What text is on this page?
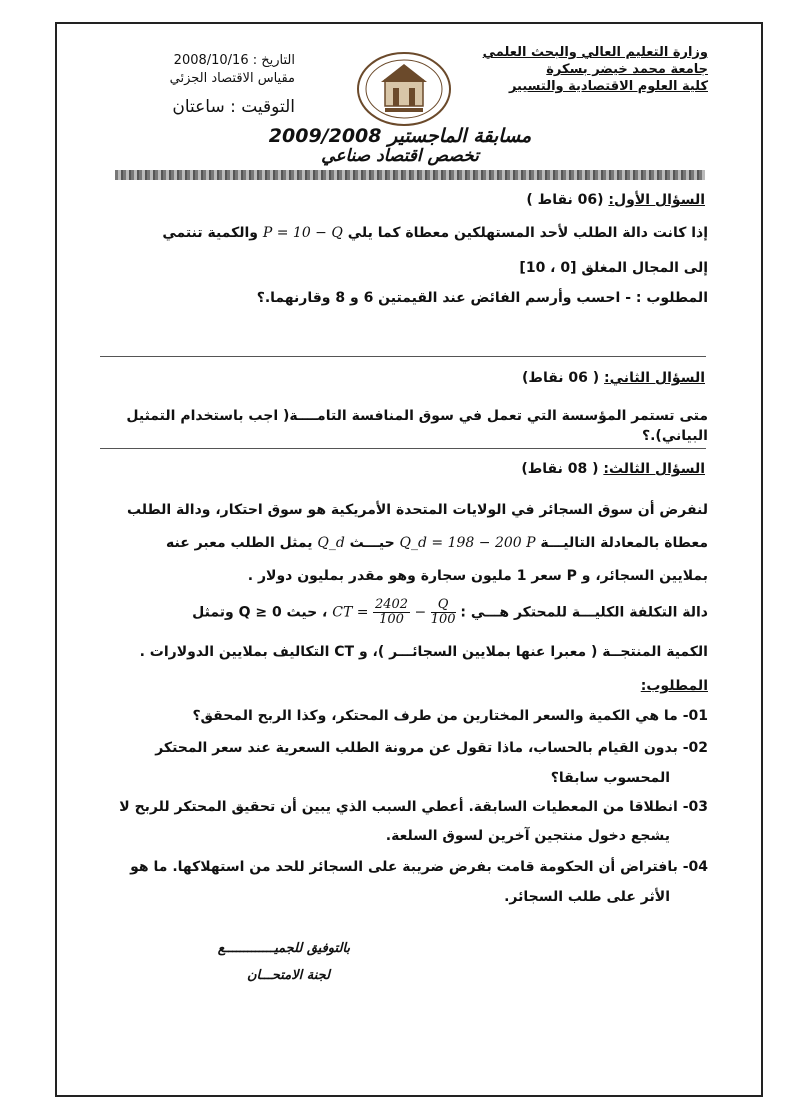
وزارة التعليم العالي والبحث العلمي
جامعة محمد خيضر بسكرة
كلية العلوم الاقتصادية والتسيير
التاريخ : 2008/10/16
مقياس الاقتصاد الجزئي
التوقيت : ساعتان
مسابقة الماجستير 2009/2008
تخصص اقتصاد صناعي
السؤال الأول: (06 نقاط )
إذا كانت دالة الطلب لأحد المستهلكين معطاة كما يلي P = 10 − Q والكمية تنتمي
إلى المجال المغلق [0 ، 10]
المطلوب : - احسب وأرسم الفائض عند القيمتين 6 و 8 وقارنهما.؟
السؤال الثاني: ( 06 نقاط)
متى تستمر المؤسسة التي تعمل في سوق المنافسة التامــــة( اجب باستخدام التمثيل البياني).؟
السؤال الثالث: ( 08 نقاط)
لنفرض أن سوق السجائر في الولايات المتحدة الأمريكية هو سوق احتكار، ودالة الطلب
معطاة بالمعادلة التاليـــة Q_d = 198 − 200 P حيـــث Q_d يمثل الطلب معبر عنه
بملايين السجائر، و P سعر 1 مليون سجارة وهو مقدر بمليون دولار .
دالة التكلفة الكليـــة للمحتكر هـــي : CT = $\frac{2402}{100} - \frac{Q}{100}$
، حيث Q ≥ 0 وتمثل
الكمية المنتجــة ( معبرا عنها بملايين السجائـــر )، و CT التكاليف بملايين الدولارات .
المطلوب:
01- ما هي الكمية والسعر المختارين من طرف المحتكر، وكذا الربح المحقق؟
02- بدون القيام بالحساب، ماذا تقول عن مرونة الطلب السعرية عند سعر المحتكر
المحسوب سابقا؟
03- انطلاقا من المعطيات السابقة. أعطي السبب الذي يبين أن تحقيق المحتكر للربح لا
يشجع دخول منتجين آخرين لسوق السلعة.
04- بافتراض أن الحكومة قامت بفرض ضريبة على السجائر للحد من استهلاكها. ما هو
الأثر على طلب السجائر.
بالتوفيق للجميـــــــــــــع
لجنة الامتحـــان
